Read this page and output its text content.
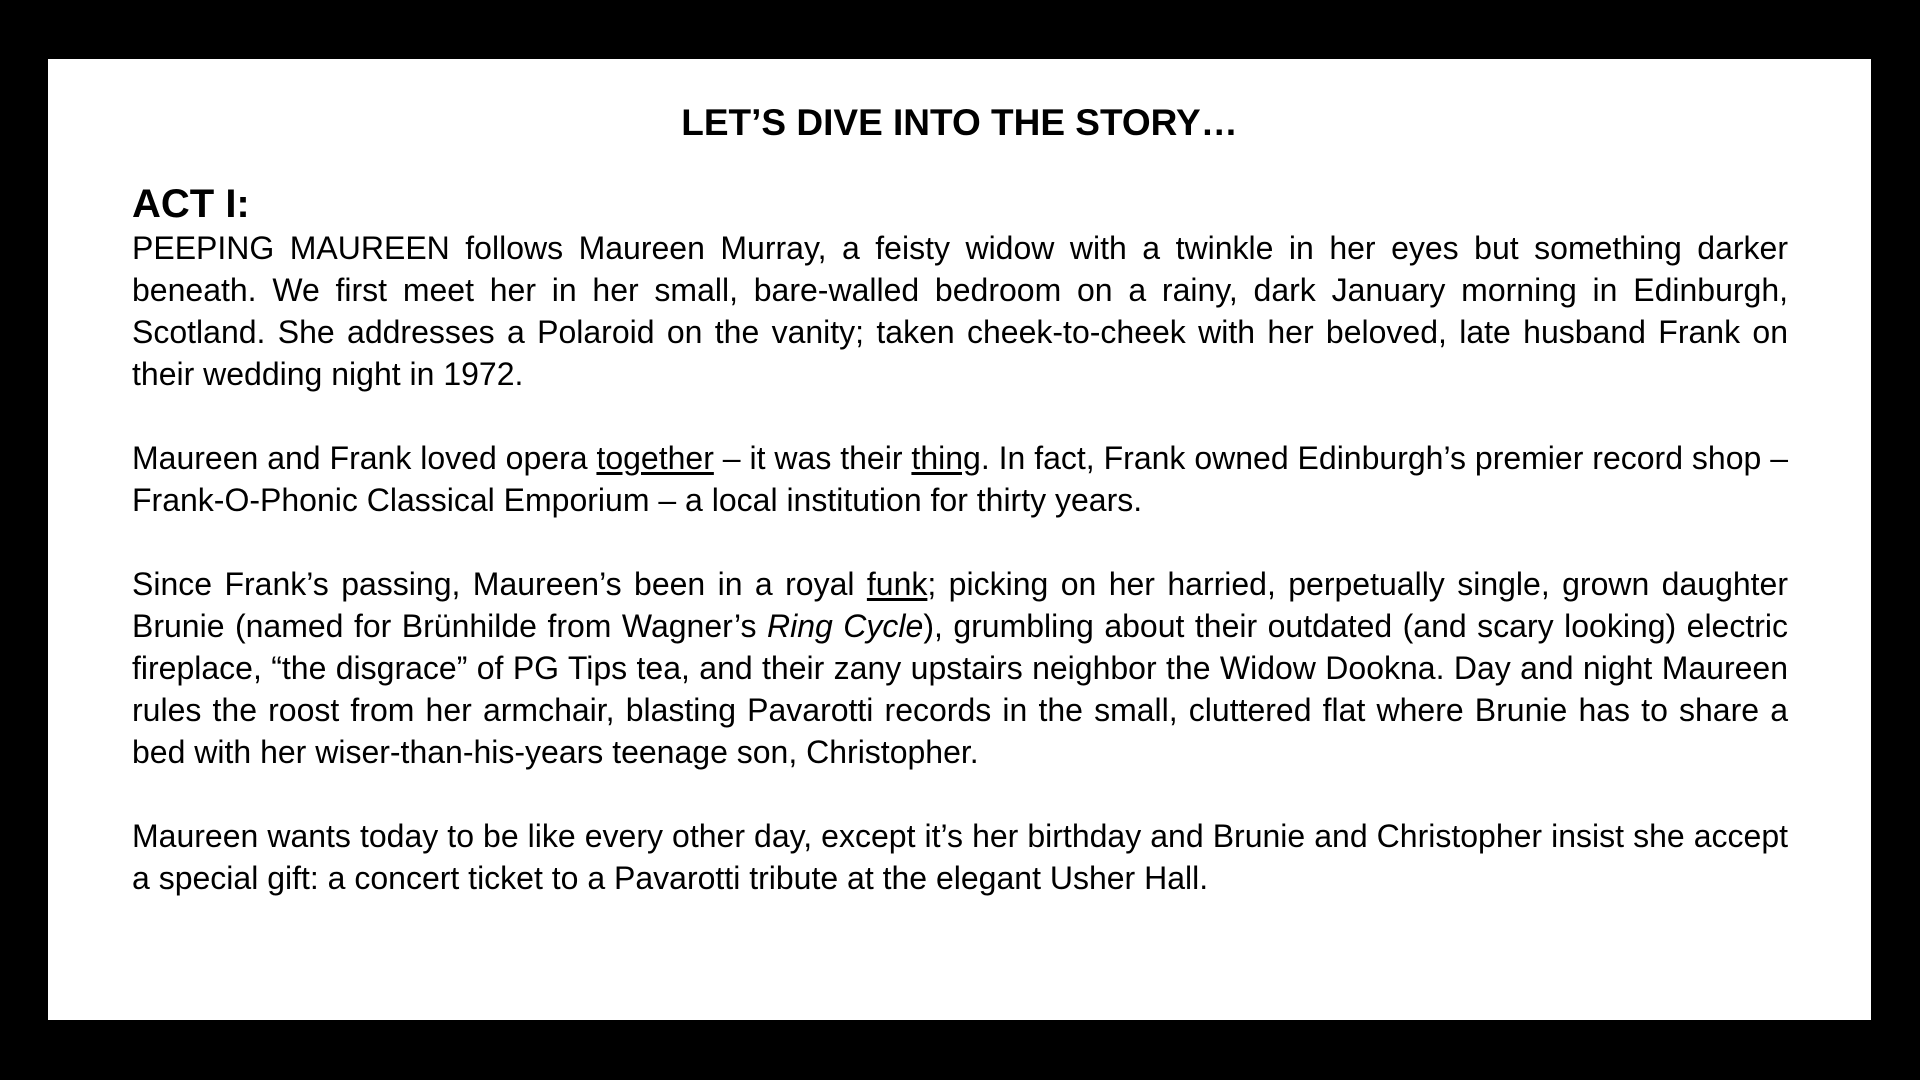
LET’S DIVE INTO THE STORY…
ACT I:

PEEPING MAUREEN follows Maureen Murray, a feisty widow with a twinkle in her eyes but something darker beneath. We first meet her in her small, bare-walled bedroom on a rainy, dark January morning in Edinburgh, Scotland. She addresses a Polaroid on the vanity; taken cheek-to-cheek with her beloved, late husband Frank on their wedding night in 1972.

Maureen and Frank loved opera together – it was their thing. In fact, Frank owned Edinburgh’s premier record shop – Frank-O-Phonic Classical Emporium – a local institution for thirty years.

Since Frank’s passing, Maureen’s been in a royal funk; picking on her harried, perpetually single, grown daughter Brunie (named for Brünhilde from Wagner’s Ring Cycle), grumbling about their outdated (and scary looking) electric fireplace, “the disgrace” of PG Tips tea, and their zany upstairs neighbor the Widow Dookna. Day and night Maureen rules the roost from her armchair, blasting Pavarotti records in the small, cluttered flat where Brunie has to share a bed with her wiser-than-his-years teenage son, Christopher.

Maureen wants today to be like every other day, except it’s her birthday and Brunie and Christopher insist she accept a special gift: a concert ticket to a Pavarotti tribute at the elegant Usher Hall.
